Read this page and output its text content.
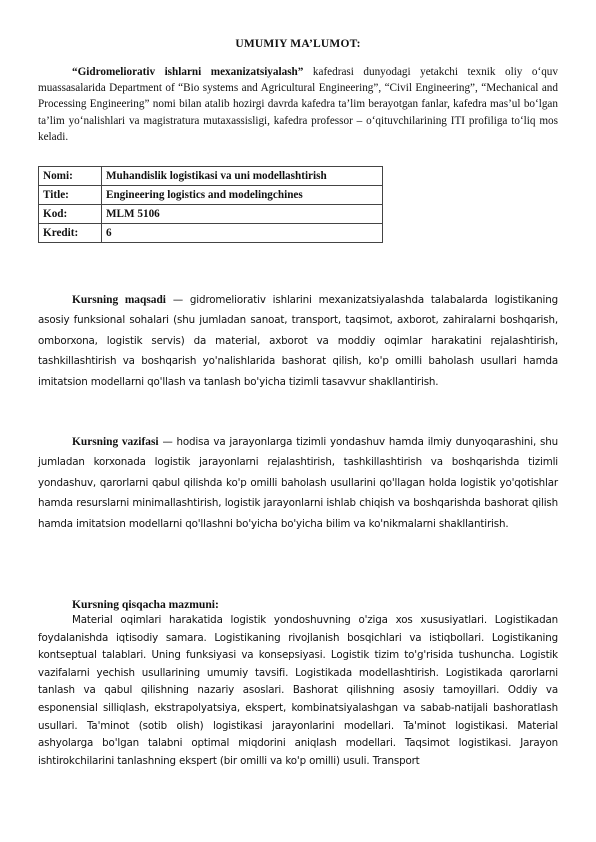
UMUMIY MA’LUMOT:

“Gidromeliorativ ishlarni mexanizatsiyalash” kafedrasi dunyodagi yetakchi texnik oliy o‘quv muassasalarida Department of “Bio systems and Agricultural Engineering”, “Civil Engineering”, “Mechanical and Processing Engineering” nomi bilan atalib hozirgi davrda kafedra ta’lim berayotgan fanlar, kafedra mas’ul bo‘lgan ta’lim yo‘nalishlari va magistratura mutaxassisligi, kafedra professor – o‘qituvchilarining ITI profiliga to‘liq mos keladi.

Nomi:	Muhandislik logistikasi va uni modellashtirish
Title:	Engineering logistics and modelingchines
Kod:	MLM 5106
Kredit:	6

Kursning maqsadi — gidromeliorativ ishlarini mexanizatsiyalashda talabalarda logistikaning asosiy funksional sohalari (shu jumladan sanoat, transport, taqsimot, axborot, zahiralarni boshqarish, omborxona, logistik servis) da material, axborot va moddiy oqimlar harakatini rejalashtirish, tashkillashtirish va boshqarish yo'nalishlarida bashorat qilish, ko'p omilli baholash usullari hamda imitatsion modellarni qo'llash va tanlash bo'yicha tizimli tasavvur shakllantirish.

Kursning vazifasi — hodisa va jarayonlarga tizimli yondashuv hamda ilmiy dunyoqarashini, shu jumladan korxonada logistik jarayonlarni rejalashtirish, tashkillashtirish va boshqarishda tizimli yondashuv, qarorlarni qabul qilishda ko'p omilli baholash usullarini qo'llagan holda logistik yo'qotishlar hamda resurslarni minimallashtirish, logistik jarayonlarni ishlab chiqish va boshqarishda bashorat qilish hamda imitatsion modellarni qo'llashni bo'yicha bo'yicha bilim va ko'nikmalarni shakllantirish.

Kursning qisqacha mazmuni:

Material oqimlari harakatida logistik yondoshuvning o'ziga xos xususiyatlari. Logistikadan foydalanishda iqtisodiy samara. Logistikaning rivojlanish bosqichlari va istiqbollari. Logistikaning kontseptual talablari. Uning funksiyasi va konsepsiyasi. Logistik tizim to'g'risida tushuncha. Logistik vazifalarni yechish usullarining umumiy tavsifi. Logistikada modellashtirish. Logistikada qarorlarni tanlash va qabul qilishning nazariy asoslari. Bashorat qilishning asosiy tamoyillari. Oddiy va esponensial silliqlash, ekstrapolyatsiya, ekspert, kombinatsiyalashgan va sabab-natijali bashoratlash usullari. Ta'minot (sotib olish) logistikasi jarayonlarini modellari. Ta'minot logistikasi. Material ashyolarga bo'lgan talabni optimal miqdorini aniqlash modellari. Taqsimot logistikasi. Jarayon ishtirokchilarini tanlashning ekspert (bir omilli va ko'p omilli) usuli. Transport
